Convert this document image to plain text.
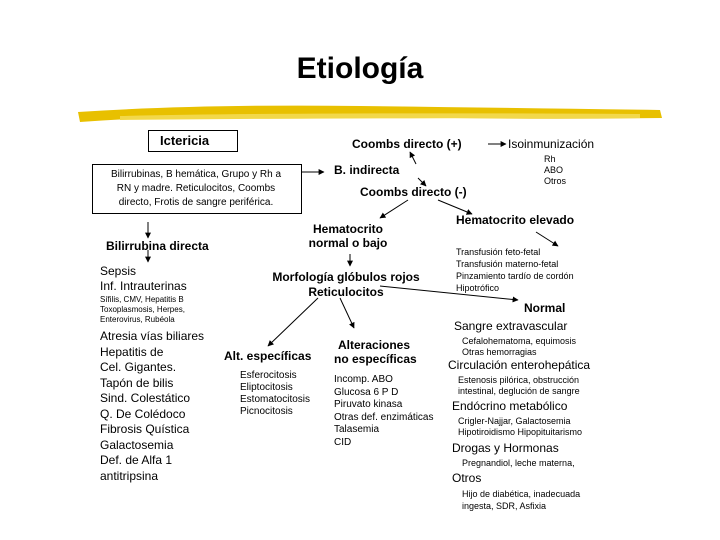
Etiología
Ictericia
Bilirrubinas, B hemática, Grupo y Rh a
RN y madre. Reticulocitos, Coombs
directo, Frotis de sangre periférica.
Coombs directo (+)	Isoinmunización
Rh
ABO
Otros
B. indirecta
Coombs directo (-)
Hematocrito elevado
Transfusión feto-fetal
Transfusión materno-fetal
Pinzamiento tardío de cordón
Hipotrófico
Hematocrito
normal o bajo
Bilirrubina directa
Sepsis
Inf. Intrauterinas
Sífilis, CMV, Hepatitis B
Toxoplasmosis, Herpes,
Enterovirus, Rubéola
Atresia vías biliares
Hepatitis de
Cel. Gigantes.
Tapón de bilis
Sind. Colestático
Q. De Colédoco
Fibrosis Quística
Galactosemia
Def. de Alfa 1
antitripsina
Morfología glóbulos rojos
Reticulocitos
Normal
Sangre extravascular
Cefalohematoma, equimosis
Otras hemorragias
Circulación enterohepática
Estenosis pilórica, obstrucción
intestinal, deglución de sangre
Endócrino metabólico
Crigler-Najjar, Galactosemia
Hipotiroidismo Hipopituitarismo
Drogas y Hormonas
Pregnandiol, leche materna,
Otros
Hijo de diabética, inadecuada
ingesta, SDR, Asfixia
Alt. específicas
Esferocitosis
Eliptocitosis
Estomatocitosis
Picnocitosis
Alteraciones
no específicas
Incomp. ABO
Glucosa 6 P D
Piruvato kinasa
Otras def. enzimáticas
Talasemia
CID
